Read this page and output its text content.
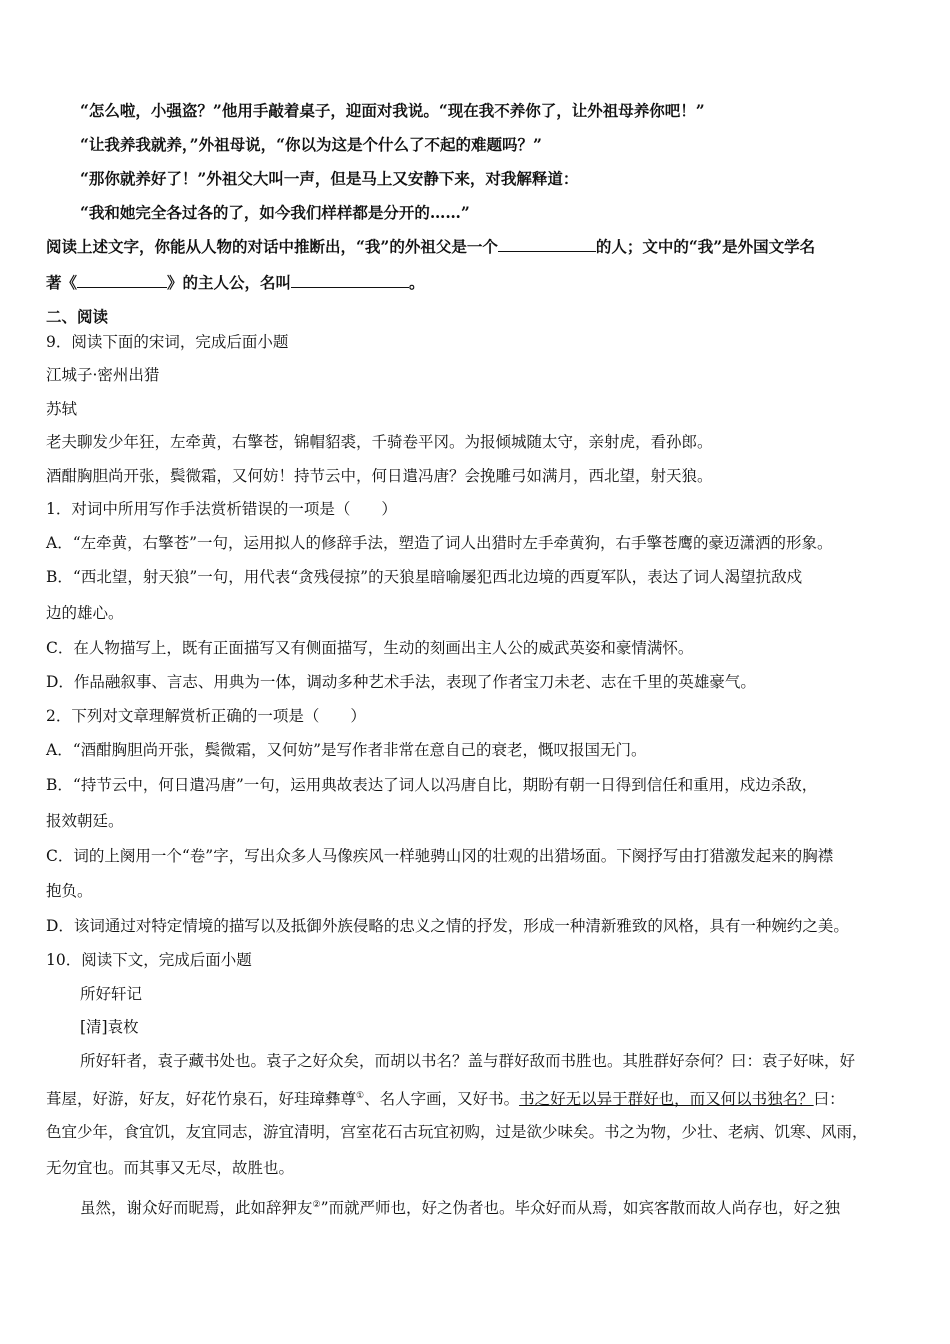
“怎么啦，小强盗？”他用手敲着桌子，迎面对我说。“现在我不养你了，让外祖母养你吧！”
“让我养我就养，”外祖母说，“你以为这是个什么了不起的难题吗？”
“那你就养好了！”外祖父大叫一声，但是马上又安静下来，对我解释道：
“我和她完全各过各的了，如今我们样样都是分开的……”
阅读上述文字，你能从人物的对话中推断出，“我”的外祖父是一个	的人；文中的“我”是外国文学名
著《	》的主人公，名叫	。
二、阅读
9．阅读下面的宋词，完成后面小题
江城子·密州出猎
苏轼
老夫聊发少年狂，左牵黄，右擎苍，锦帽貂裘，千骑卷平冈。为报倾城随太守，亲射虎，看孙郎。
酒酣胸胆尚开张，鬓微霜，又何妨！持节云中，何日遣冯唐？会挽雕弓如满月，西北望，射天狼。
1．对词中所用写作手法赏析错误的一项是（　　）
A．“左牵黄，右擎苍”一句，运用拟人的修辞手法，塑造了词人出猎时左手牵黄狗，右手擎苍鹰的豪迈潇洒的形象。
B．“西北望，射天狼”一句，用代表“贪残侵掠”的天狼星暗喻屡犯西北边境的西夏军队，表达了词人渴望抗敌戍
边的雄心。
C．在人物描写上，既有正面描写又有侧面描写，生动的刻画出主人公的威武英姿和豪情满怀。
D．作品融叙事、言志、用典为一体，调动多种艺术手法，表现了作者宝刀未老、志在千里的英雄豪气。
2．下列对文章理解赏析正确的一项是（　　）
A．“酒酣胸胆尚开张，鬓微霜，又何妨”是写作者非常在意自己的衰老，慨叹报国无门。
B．“持节云中，何日遣冯唐”一句，运用典故表达了词人以冯唐自比，期盼有朝一日得到信任和重用，戍边杀敌，
报效朝廷。
C．词的上阕用一个“卷”字，写出众多人马像疾风一样驰骋山冈的壮观的出猎场面。下阕抒写由打猎激发起来的胸襟
抱负。
D．该词通过对特定情境的描写以及抵御外族侵略的忠义之情的抒发，形成一种清新雅致的风格，具有一种婉约之美。
10．阅读下文，完成后面小题
所好轩记
[清]袁枚
所好轩者，袁子藏书处也。袁子之好众矣，而胡以书名？盖与群好敌而书胜也。其胜群好奈何？曰：袁子好味，好
葺屋，好游，好友，好花竹泉石，好珪璋彝尊①、名人字画，又好书。书之好无以异于群好也，而又何以书独名？曰：
色宜少年，食宜饥，友宜同志，游宜清明，宫室花石古玩宜初购，过是欲少味矣。书之为物，少壮、老病、饥寒、风雨，
无勿宜也。而其事又无尽，故胜也。
虽然，谢众好而昵焉，此如辞狎友②”而就严师也，好之伪者也。毕众好而从焉，如宾客散而故人尚存也，好之独
